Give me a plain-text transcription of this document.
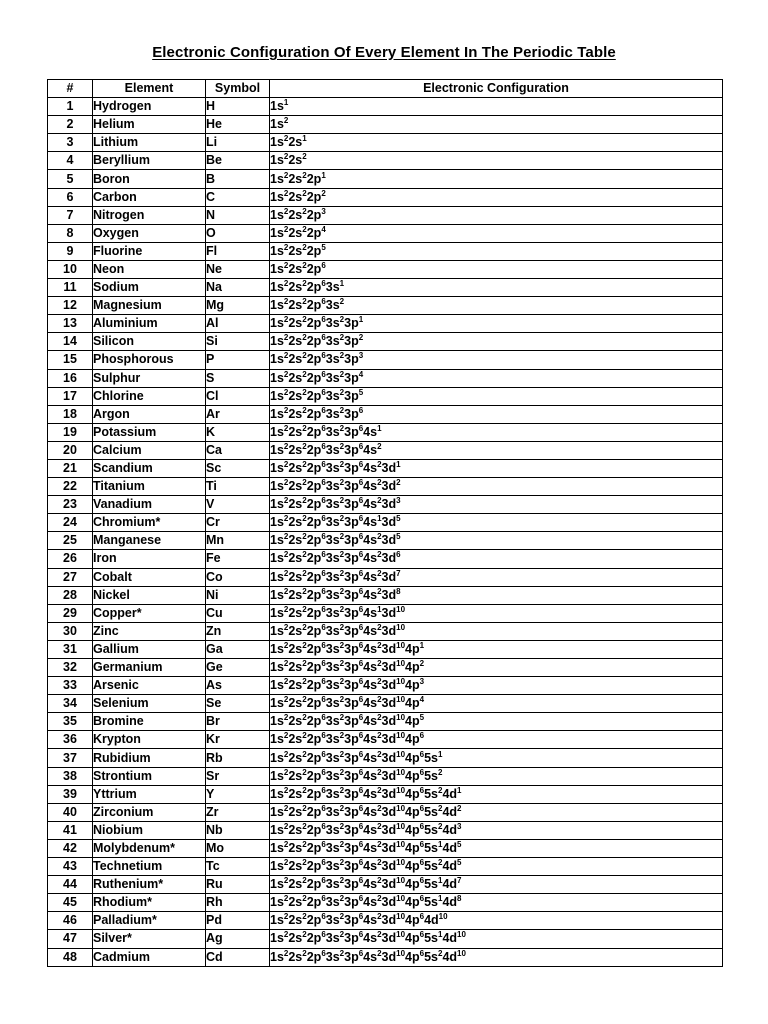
Electronic Configuration Of Every Element In The Periodic Table
#	Element	Symbol	Electronic Configuration
1	Hydrogen	H	$1s^1$
2	Helium	He	$1s^2$
3	Lithium	Li	$1s^22s^1$
4	Beryllium	Be	$1s^22s^2$
5	Boron	B	$1s^22s^22p^1$
6	Carbon	C	$1s^22s^22p^2$
7	Nitrogen	N	$1s^22s^22p^3$
8	Oxygen	O	$1s^22s^22p^4$
9	Fluorine	Fl	$1s^22s^22p^5$
10	Neon	Ne	$1s^22s^22p^6$
11	Sodium	Na	$1s^22s^22p^63s^1$
12	Magnesium	Mg	$1s^22s^22p^63s^2$
13	Aluminium	Al	$1s^22s^22p^63s^23p^1$
14	Silicon	Si	$1s^22s^22p^63s^23p^2$
15	Phosphorous	P	$1s^22s^22p^63s^23p^3$
16	Sulphur	S	$1s^22s^22p^63s^23p^4$
17	Chlorine	Cl	$1s^22s^22p^63s^23p^5$
18	Argon	Ar	$1s^22s^22p^63s^23p^6$
19	Potassium	K	$1s^22s^22p^63s^23p^64s^1$
20	Calcium	Ca	$1s^22s^22p^63s^23p^64s^2$
21	Scandium	Sc	$1s^22s^22p^63s^23p^64s^23d^1$
22	Titanium	Ti	$1s^22s^22p^63s^23p^64s^23d^2$
23	Vanadium	V	$1s^22s^22p^63s^23p^64s^23d^3$
24	Chromium*	Cr	$1s^22s^22p^63s^23p^64s^13d^5$
25	Manganese	Mn	$1s^22s^22p^63s^23p^64s^23d^5$
26	Iron	Fe	$1s^22s^22p^63s^23p^64s^23d^6$
27	Cobalt	Co	$1s^22s^22p^63s^23p^64s^23d^7$
28	Nickel	Ni	$1s^22s^22p^63s^23p^64s^23d^8$
29	Copper*	Cu	$1s^22s^22p^63s^23p^64s^13d^{10}$
30	Zinc	Zn	$1s^22s^22p^63s^23p^64s^23d^{10}$
31	Gallium	Ga	$1s^22s^22p^63s^23p^64s^23d^{10}4p^1$
32	Germanium	Ge	$1s^22s^22p^63s^23p^64s^23d^{10}4p^2$
33	Arsenic	As	$1s^22s^22p^63s^23p^64s^23d^{10}4p^3$
34	Selenium	Se	$1s^22s^22p^63s^23p^64s^23d^{10}4p^4$
35	Bromine	Br	$1s^22s^22p^63s^23p^64s^23d^{10}4p^5$
36	Krypton	Kr	$1s^22s^22p^63s^23p^64s^23d^{10}4p^6$
37	Rubidium	Rb	$1s^22s^22p^63s^23p^64s^23d^{10}4p^65s^1$
38	Strontium	Sr	$1s^22s^22p^63s^23p^64s^23d^{10}4p^65s^2$
39	Yttrium	Y	$1s^22s^22p^63s^23p^64s^23d^{10}4p^65s^24d^1$
40	Zirconium	Zr	$1s^22s^22p^63s^23p^64s^23d^{10}4p^65s^24d^2$
41	Niobium	Nb	$1s^22s^22p^63s^23p^64s^23d^{10}4p^65s^24d^3$
42	Molybdenum*	Mo	$1s^22s^22p^63s^23p^64s^23d^{10}4p^65s^14d^5$
43	Technetium	Tc	$1s^22s^22p^63s^23p^64s^23d^{10}4p^65s^24d^5$
44	Ruthenium*	Ru	$1s^22s^22p^63s^23p^64s^23d^{10}4p^65s^14d^7$
45	Rhodium*	Rh	$1s^22s^22p^63s^23p^64s^23d^{10}4p^65s^14d^8$
46	Palladium*	Pd	$1s^22s^22p^63s^23p^64s^23d^{10}4p^64d^{10}$
47	Silver*	Ag	$1s^22s^22p^63s^23p^64s^23d^{10}4p^65s^14d^{10}$
48	Cadmium	Cd	$1s^22s^22p^63s^23p^64s^23d^{10}4p^65s^24d^{10}$
